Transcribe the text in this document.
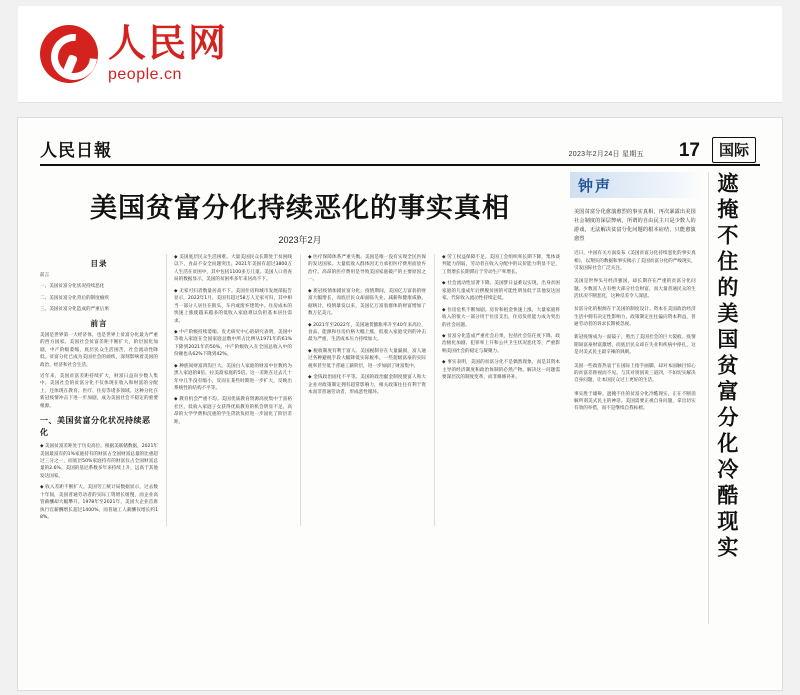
人民网
people.cn
人民日報	2023年2月24日 星期五 17	国际
美国贫富分化持续恶化的事实真相
2023年2月
目录
前言
一、美国贫富分化状况持续恶化
二、美国贫富分化背后的制度痼疾
三、美国贫富分化造成的严重后果
前言
美国是世界第一大经济体，也是世界上贫富分化最为严重的西方国家。美国社会贫富差距不断扩大，阶层固化加剧，中产阶级萎缩，底层民众生活困苦，社会流动性降低。贫富分化已成为美国社会的顽疾，深刻影响着美国的政治、经济和社会生活。
近年来，美国贫富差距持续扩大，财富日益向少数人集中。美国社会的贫富分化不仅体现在收入和财富的分配上，还体现在教育、医疗、住房等诸多领域。这种分化在新冠疫情冲击下进一步加剧，成为美国社会不稳定的重要根源。
一、美国贫富分化状况持续恶化
◆ 美国贫富差距处于历史高位。根据美联储数据，2021年美国最富有的1%家庭持有的财富占全国财富总量的比重超过三分之一，而底层50%家庭持有的财富仅占全国财富总量的2.6%。美国的基尼系数多年来持续上升，远高于其他发达国家。
◆ 收入差距不断扩大。美国劳工统计局数据显示，过去数十年间，美国普通劳动者的实际工资增长缓慢，而企业高管薪酬却大幅攀升。1978年至2021年，美国大企业首席执行官薪酬增长超过1400%，而普通工人薪酬仅增长约18%。
◆ 美国底层民众生活困难。大量美国民众长期处于贫困线以下，食品不安全问题突出。2021年美国有超过3800万人生活在贫困中，其中包括1100多万儿童。美国人口普查局的数据显示，美国的贫困率多年来居高不下。
◆ 无家可归者数量居高不下。美国住房和城市发展部报告显示，2022年1月，美国有超过58万人无家可归，其中相当一部分人居住在街头、车内或废弃建筑中。住房成本的快速上涨使越来越多的低收入家庭难以负担基本居住需求。
◆ 中产阶级持续萎缩。皮尤研究中心的研究表明，美国中等收入家庭在全国家庭总数中所占比例从1971年的61%下降到2021年的50%。中产阶级收入在全国总收入中的份额也从62%下降到42%。
◆ 种族间财富鸿沟巨大。美国白人家庭的财富中位数约为黑人家庭的8倍、拉美裔家庭的5倍。这一差距在过去几十年中几乎没有缩小，反而在某些时期进一步扩大，反映出系统性的结构不平等。
◆ 教育机会严重不均。美国优质教育资源高度集中于富裕社区，低收入家庭子女获得优质教育的机会明显不足。高昂的大学学费和沉重的学生贷款负担进一步固化了阶层差距。
◆ 医疗保障体系严重失衡。美国是唯一没有实现全民医保的发达国家。大量低收入群体因无力承担医疗费用而放弃治疗。高昂的医疗费用是导致美国家庭破产的主要原因之一。
◆ 新冠疫情加剧贫富分化。疫情期间，美国亿万富翁的财富大幅增长，而底层民众却面临失业、减薪和健康威胁。据统计，疫情暴发以来，美国亿万富翁群体的财富增加了数万亿美元。
◆ 2021年至2022年，美国通货膨胀率升至40年来高位，食品、能源和住房价格大幅上涨，低收入家庭受到的冲击最为严重，生活成本压力持续加大。
◆ 税收制度有利于富人。美国税制存在大量漏洞，富人通过各种避税手段大幅降低实际税率。一些超级富豪的实际税率甚至低于普通工薪阶层，进一步加剧了财富集中。
◆ 金钱政治固化不平等。美国的政治献金制度使富人和大企业对政策制定拥有超常影响力，相关政策往往有利于资本而非普通劳动者，形成恶性循环。
◆ 劳工权益保障不足。美国工会组织率长期下降，集体谈判能力削弱，劳动者在收入分配中的议价能力明显不足，工资增长长期滞后于劳动生产率增长。
◆ 社会流动性显著下降。美国梦日益难以实现，出身贫困家庭的儿童成年后摆脱贫困的可能性明显低于其他发达国家。代际收入流动性持续走低。
◆ 住房危机不断加剧。房价和租金快速上涨，大量家庭将收入的很大一部分用于住房支出，住房负担能力成为突出的社会问题。
◆ 贫富分化造成严重社会后果，包括社会信任度下降、政治极化加剧、犯罪率上升和公共卫生状况恶化等，严重影响美国社会的稳定与凝聚力。
◆ 事实表明，美国的贫富分化不是偶然现象，而是其资本主导的经济制度和政治体制的必然产物。解决这一问题需要深层次的制度变革，而非修修补补。
钟声
美国贫富分化愈演愈烈的事实真相，再次暴露出美国社会制度的深层弊病，所谓的自由民主只是少数人的游戏，无法解决贫富分化问题的根本症结，只能愈演愈烈
近日，中国有关方面发布《美国贫富分化持续恶化的事实真相》，以翔实的数据和事实揭示了美国贫富分化的严峻现实，引发国际社会广泛关注。
美国是世界头号经济强国，却长期存在严重的贫富分化问题。少数富人占有绝大部分社会财富，而大量普通民众的生活状况不断恶化，这种反差令人深思。
贫富分化的根源在于美国的制度设计。资本在美国政治经济生活中拥有决定性影响力，政策制定往往偏向资本利益，普通劳动者的诉求长期被忽视。
新冠疫情成为一面镜子，照出了美国社会的巨大裂痕。疫情期间富豪财富激增，而底层民众却在失业和疾病中挣扎，这是对美式民主最辛辣的讽刺。
美国一些政客热衷于在国际上指手画脚，却对本国触目惊心的贫富差距视而不见。与其对别国说三道四，不如切实解决自身问题，让本国民众过上更好的生活。
事实胜于雄辩。遮掩不住的贫富分化冷酷现实，正在不断消解所谓美式民主的神话。美国需要正视自身问题，拿出切实有效的举措，而不是继续自我标榜。	遮掩不住的美国贫富分化冷酷现实
